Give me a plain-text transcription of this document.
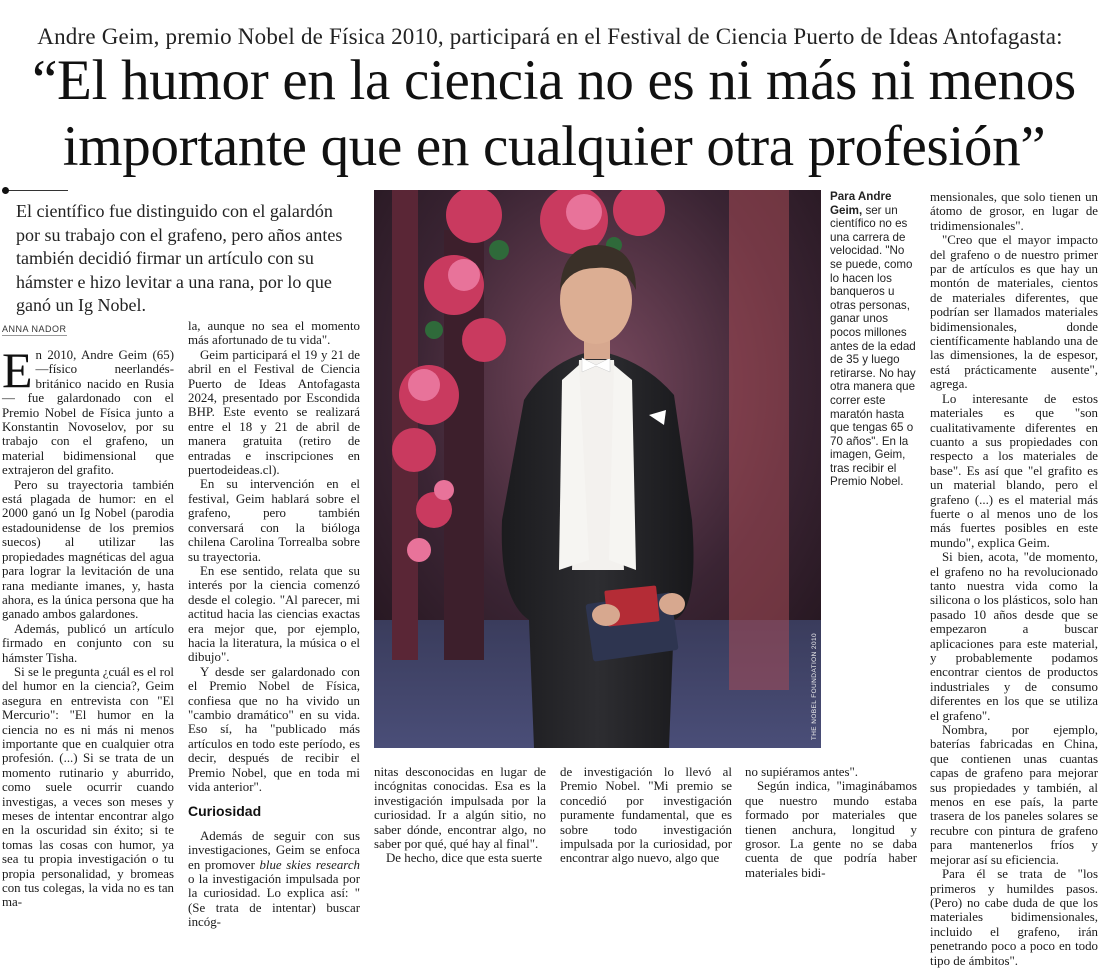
Andre Geim, premio Nobel de Física 2010, participará en el Festival de Ciencia Puerto de Ideas Antofagasta:
“El humor en la ciencia no es ni más ni menos
importante que en cualquier otra profesión”
El científico fue distinguido con el galardón por su trabajo con el grafeno, pero años antes también decidió firmar un artículo con su hámster e hizo levitar a una rana, por lo que ganó un Ig Nobel.
ANNA NADOR

En 2010, Andre Geim (65) —físico neerlandés-británico nacido en Rusia— fue galardonado con el Premio Nobel de Física junto a Konstantin Novoselov, por su trabajo con el grafeno, un material bidimensional que extrajeron del grafito.

Pero su trayectoria también está plagada de humor: en el 2000 ganó un Ig Nobel (parodia estadounidense de los premios suecos) al utilizar las propiedades magnéticas del agua para lograr la levitación de una rana mediante imanes, y, hasta ahora, es la única persona que ha ganado ambos galardones.

Además, publicó un artículo firmado en conjunto con su hámster Tisha.

Si se le pregunta ¿cuál es el rol del humor en la ciencia?, Geim asegura en entrevista con "El Mercurio": "El humor en la ciencia no es ni más ni menos importante que en cualquier otra profesión. (...) Si se trata de un momento rutinario y aburrido, como suele ocurrir cuando investigas, a veces son meses y meses de intentar encontrar algo en la oscuridad sin éxito; si te tomas las cosas con humor, ya sea tu propia investigación o tu propia personalidad, y bromeas con tus colegas, la vida no es tan ma-

la, aunque no sea el momento más afortunado de tu vida".

Geim participará el 19 y 21 de abril en el Festival de Ciencia Puerto de Ideas Antofagasta 2024, presentado por Escondida BHP. Este evento se realizará entre el 18 y 21 de abril de manera gratuita (retiro de entradas e inscripciones en puertodeideas.cl).

En su intervención en el festival, Geim hablará sobre el grafeno, pero también conversará con la bióloga chilena Carolina Torrealba sobre su trayectoria.

En ese sentido, relata que su interés por la ciencia comenzó desde el colegio. "Al parecer, mi actitud hacia las ciencias exactas era mejor que, por ejemplo, hacia la literatura, la música o el dibujo".

Y desde ser galardonado con el Premio Nobel de Física, confiesa que no ha vivido un "cambio dramático" en su vida. Eso sí, ha "publicado más artículos en todo este período, es decir, después de recibir el Premio Nobel, que en toda mi vida anterior".

Curiosidad

Además de seguir con sus investigaciones, Geim se enfoca en promover blue skies research o la investigación impulsada por la curiosidad. Lo explica así: "(Se trata de intentar) buscar incóg-

THE NOBEL FOUNDATION 2010
Para Andre Geim, ser un científico no es una carrera de velocidad. "No se puede, como lo hacen los banqueros u otras personas, ganar unos pocos millones antes de la edad de 35 y luego retirarse. No hay otra manera que correr este maratón hasta que tengas 65 o 70 años". En la imagen, Geim, tras recibir el Premio Nobel.

nitas desconocidas en lugar de incógnitas conocidas. Esa es la investigación impulsada por la curiosidad. Ir a algún sitio, no saber dónde, encontrar algo, no saber por qué, qué hay al final".

De hecho, dice que esta suerte

de investigación lo llevó al Premio Nobel. "Mi premio se concedió por investigación puramente fundamental, que es sobre todo investigación impulsada por la curiosidad, por encontrar algo nuevo, algo que

no supiéramos antes".

Según indica, "imaginábamos que nuestro mundo estaba formado por materiales que tienen anchura, longitud y grosor. La gente no se daba cuenta de que podría haber materiales bidi-

mensionales, que solo tienen un átomo de grosor, en lugar de tridimensionales".

"Creo que el mayor impacto del grafeno o de nuestro primer par de artículos es que hay un montón de materiales, cientos de materiales diferentes, que podrían ser llamados materiales bidimensionales, donde científicamente hablando una de las dimensiones, la de espesor, está prácticamente ausente", agrega.

Lo interesante de estos materiales es que "son cualitativamente diferentes en cuanto a sus propiedades con respecto a los materiales de base". Es así que "el grafito es un material blando, pero el grafeno (...) es el material más fuerte o al menos uno de los más fuertes posibles en este mundo", explica Geim.

Si bien, acota, "de momento, el grafeno no ha revolucionado tanto nuestra vida como la silicona o los plásticos, solo han pasado 10 años desde que se empezaron a buscar aplicaciones para este material, y probablemente podamos encontrar cientos de productos industriales y de consumo diferentes en los que se utiliza el grafeno".

Nombra, por ejemplo, baterías fabricadas en China, que contienen unas cuantas capas de grafeno para mejorar sus propiedades y también, al menos en ese país, la parte trasera de los paneles solares se recubre con pintura de grafeno para mantenerlos fríos y mejorar así su eficiencia.

Para él se trata de "los primeros y humildes pasos. (Pero) no cabe duda de que los materiales bidimensionales, incluido el grafeno, irán penetrando poco a poco en todo tipo de ámbitos".
